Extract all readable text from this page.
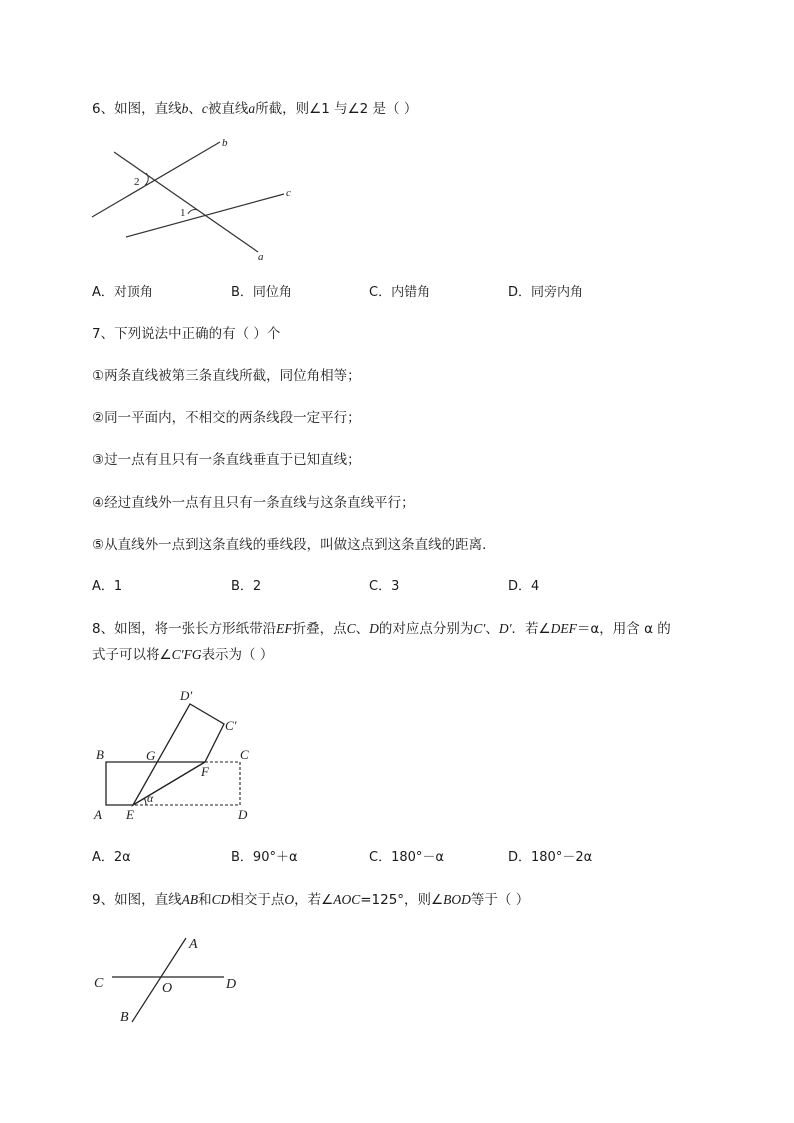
6、如图，直线b、c被直线a所截，则∠1 与∠2 是（ ）
b
c
a
1
2
A．对顶角	B．同位角	C．内错角	D．同旁内角
7、下列说法中正确的有（ ）个
①两条直线被第三条直线所截，同位角相等；
②同一平面内，不相交的两条线段一定平行；
③过一点有且只有一条直线垂直于已知直线；
④经过直线外一点有且只有一条直线与这条直线平行；
⑤从直线外一点到这条直线的垂线段，叫做这点到这条直线的距离．
A．1	B．2	C．3	D．4
8、如图，将一张长方形纸带沿EF折叠，点C、D的对应点分别为C′、D′．若∠DEF＝α，用含 α 的
式子可以将∠C′FG表示为（ ）
D′
C′
B	G	C
F
A E	D
α
A．2α	B．90°＋α	C．180°－α	D．180°－2α
9、如图，直线AB和CD相交于点O，若∠AOC=125°，则∠BOD等于（ ）
A
C	O	D
B
